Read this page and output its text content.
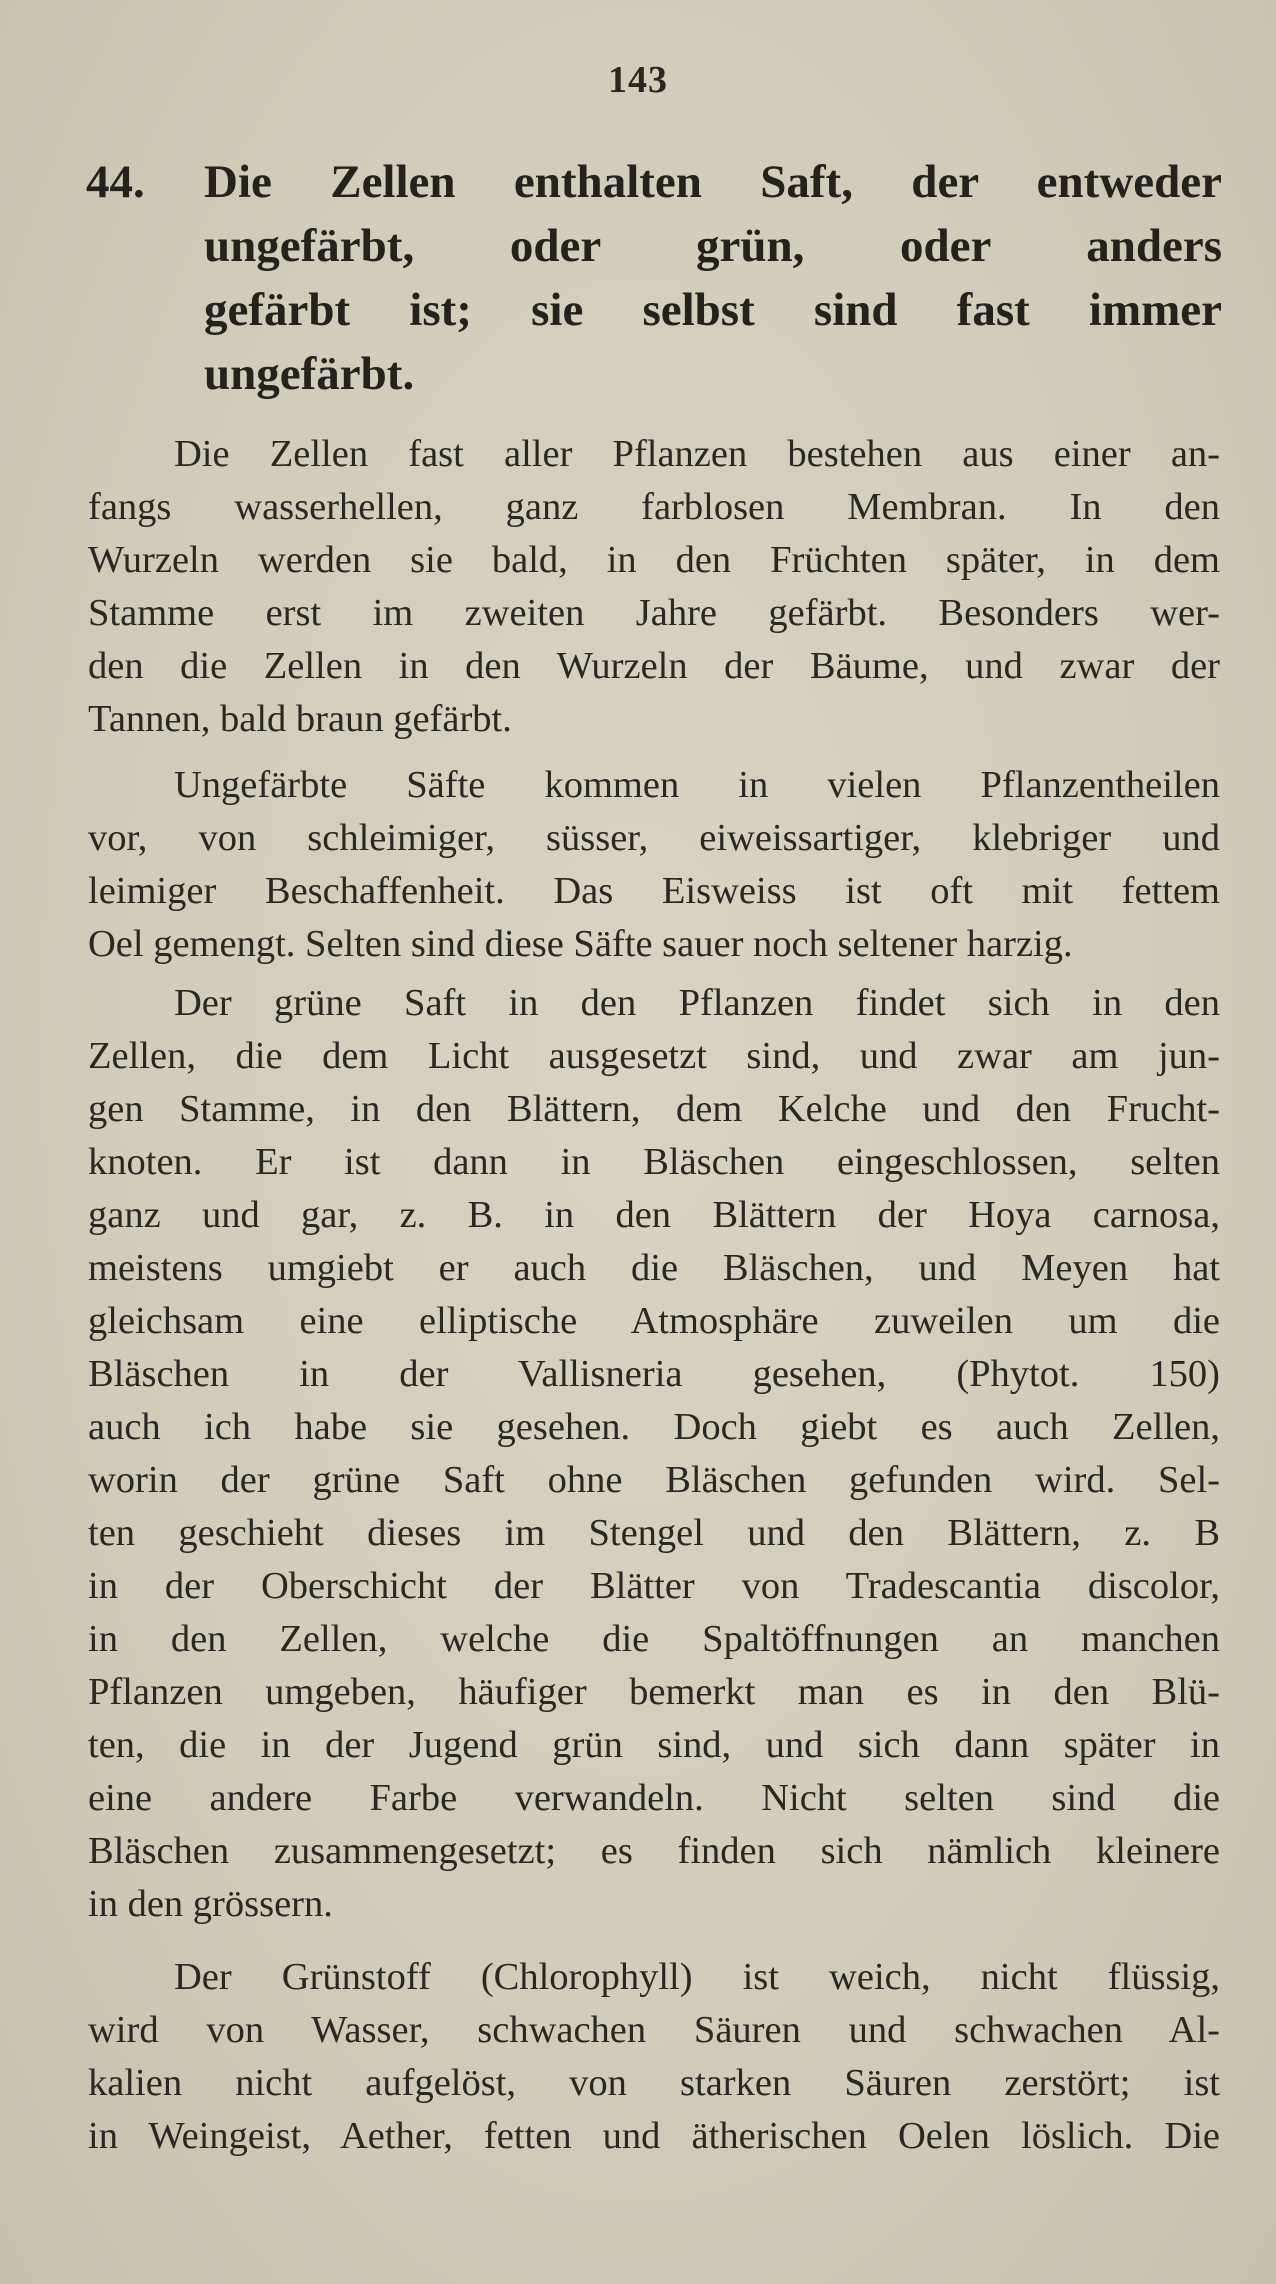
143
44. Die Zellen enthalten Saft, der entweder
ungefärbt, oder grün, oder anders
gefärbt ist; sie selbst sind fast immer
ungefärbt.

Die Zellen fast aller Pflanzen bestehen aus einer an-
fangs wasserhellen, ganz farblosen Membran. In den
Wurzeln werden sie bald, in den Früchten später, in dem
Stamme erst im zweiten Jahre gefärbt. Besonders wer-
den die Zellen in den Wurzeln der Bäume, und zwar der
Tannen, bald braun gefärbt.

Ungefärbte Säfte kommen in vielen Pflanzentheilen
vor, von schleimiger, süsser, eiweissartiger, klebriger und
leimiger Beschaffenheit. Das Eisweiss ist oft mit fettem
Oel gemengt. Selten sind diese Säfte sauer noch seltener harzig.

Der grüne Saft in den Pflanzen findet sich in den
Zellen, die dem Licht ausgesetzt sind, und zwar am jun-
gen Stamme, in den Blättern, dem Kelche und den Frucht-
knoten. Er ist dann in Bläschen eingeschlossen, selten
ganz und gar, z. B. in den Blättern der Hoya carnosa,
meistens umgiebt er auch die Bläschen, und Meyen hat
gleichsam eine elliptische Atmosphäre zuweilen um die
Bläschen in der Vallisneria gesehen, (Phytot. 150)
auch ich habe sie gesehen. Doch giebt es auch Zellen,
worin der grüne Saft ohne Bläschen gefunden wird. Sel-
ten geschieht dieses im Stengel und den Blättern, z. B
in der Oberschicht der Blätter von Tradescantia discolor,
in den Zellen, welche die Spaltöffnungen an manchen
Pflanzen umgeben, häufiger bemerkt man es in den Blü-
ten, die in der Jugend grün sind, und sich dann später in
eine andere Farbe verwandeln. Nicht selten sind die
Bläschen zusammengesetzt; es finden sich nämlich kleinere
in den grössern.

Der Grünstoff (Chlorophyll) ist weich, nicht flüssig,
wird von Wasser, schwachen Säuren und schwachen Al-
kalien nicht aufgelöst, von starken Säuren zerstört; ist
in Weingeist, Aether, fetten und ätherischen Oelen löslich. Die
